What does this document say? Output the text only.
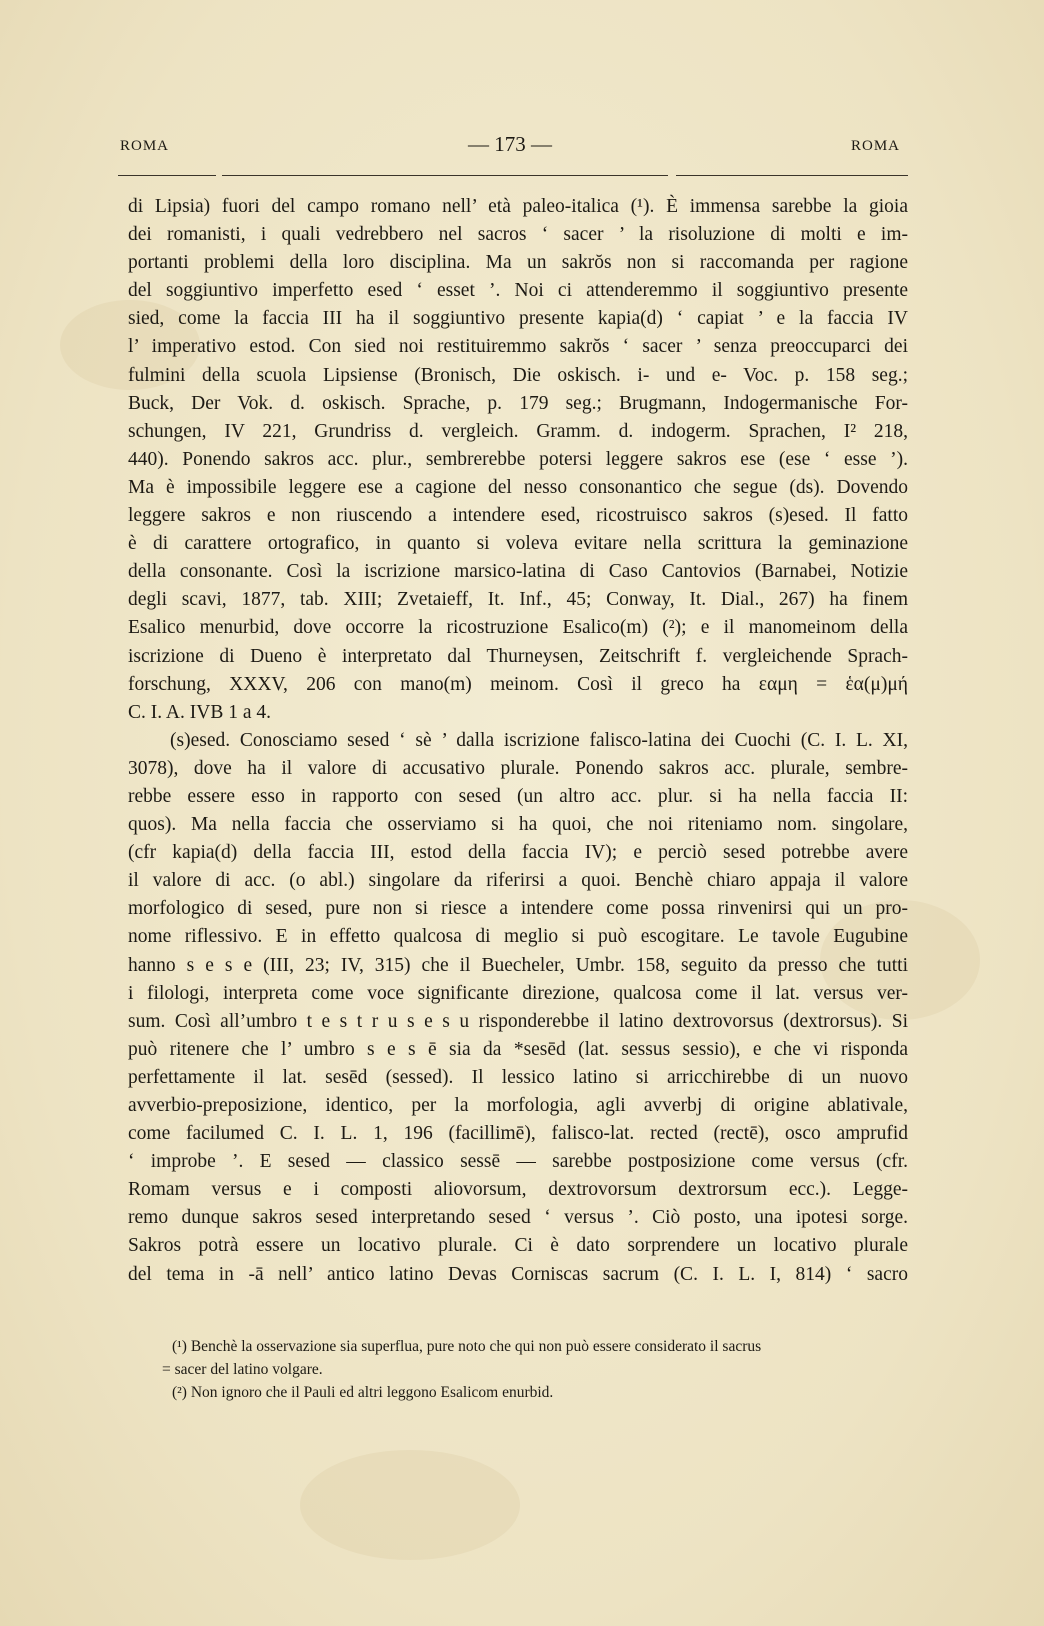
ROMA	— 173 —	ROMA
di Lipsia) fuori del campo romano nell’ età paleo-italica (¹). È immensa sarebbe la gioia
dei romanisti, i quali vedrebbero nel sacros ‘ sacer ’ la risoluzione di molti e im-
portanti problemi della loro disciplina. Ma un sakrŏs non si raccomanda per ragione
del soggiuntivo imperfetto esed ‘ esset ’. Noi ci attenderemmo il soggiuntivo presente
sied, come la faccia III ha il soggiuntivo presente kapia(d) ‘ capiat ’ e la faccia IV
l’ imperativo estod. Con sied noi restituiremmo sakrŏs ‘ sacer ’ senza preoccuparci dei
fulmini della scuola Lipsiense (Bronisch, Die oskisch. i- und e- Voc. p. 158 seg.;
Buck, Der Vok. d. oskisch. Sprache, p. 179 seg.; Brugmann, Indogermanische For-
schungen, IV 221, Grundriss d. vergleich. Gramm. d. indogerm. Sprachen, I² 218,
440). Ponendo sakros acc. plur., sembrerebbe potersi leggere sakros ese (ese ‘ esse ’).
Ma è impossibile leggere ese a cagione del nesso consonantico che segue (ds). Dovendo
leggere sakros e non riuscendo a intendere esed, ricostruisco sakros (s)esed. Il fatto
è di carattere ortografico, in quanto si voleva evitare nella scrittura la geminazione
della consonante. Così la iscrizione marsico-latina di Caso Cantovios (Barnabei, Notizie
degli scavi, 1877, tab. XIII; Zvetaieff, It. Inf., 45; Conway, It. Dial., 267) ha finem
Esalico menurbid, dove occorre la ricostruzione Esalico(m) (²); e il manomeinom della
iscrizione di Dueno è interpretato dal Thurneysen, Zeitschrift f. vergleichende Sprach-
forschung, XXXV, 206 con mano(m) meinom. Così il greco ha εαμη = ἑα(μ)μή
C. I. A. IVB 1 a 4.
(s)esed. Conosciamo sesed ‘ sè ’ dalla iscrizione falisco-latina dei Cuochi (C. I. L. XI,
3078), dove ha il valore di accusativo plurale. Ponendo sakros acc. plurale, sembre-
rebbe essere esso in rapporto con sesed (un altro acc. plur. si ha nella faccia II:
quos). Ma nella faccia che osserviamo si ha quoi, che noi riteniamo nom. singolare,
(cfr kapia(d) della faccia III, estod della faccia IV); e perciò sesed potrebbe avere
il valore di acc. (o abl.) singolare da riferirsi a quoi. Benchè chiaro appaja il valore
morfologico di sesed, pure non si riesce a intendere come possa rinvenirsi qui un pro-
nome riflessivo. E in effetto qualcosa di meglio si può escogitare. Le tavole Eugubine
hanno s e s e (III, 23; IV, 315) che il Buecheler, Umbr. 158, seguito da presso che tutti
i filologi, interpreta come voce significante direzione, qualcosa come il lat. versus ver-
sum. Così all’umbro t e s t r u s e s u risponderebbe il latino dextrovorsus (dextrorsus). Si
può ritenere che l’ umbro s e s ē sia da *sesēd (lat. sessus sessio), e che vi risponda
perfettamente il lat. sesēd (sessed). Il lessico latino si arricchirebbe di un nuovo
avverbio-preposizione, identico, per la morfologia, agli avverbj di origine ablativale,
come facilumed C. I. L. 1, 196 (facillimē), falisco-lat. rected (rectē), osco amprufid
‘ improbe ’. E sesed — classico sessē — sarebbe postposizione come versus (cfr.
Romam versus e i composti aliovorsum, dextrovorsum dextrorsum ecc.). Legge-
remo dunque sakros sesed interpretando sesed ‘ versus ’. Ciò posto, una ipotesi sorge.
Sakros potrà essere un locativo plurale. Ci è dato sorprendere un locativo plurale
del tema in -ā nell’ antico latino Devas Corniscas sacrum (C. I. L. I, 814) ‘ sacro
(¹) Benchè la osservazione sia superflua, pure noto che qui non può essere considerato il sacrus
= sacer del latino volgare.
(²) Non ignoro che il Pauli ed altri leggono Esalicom enurbid.
